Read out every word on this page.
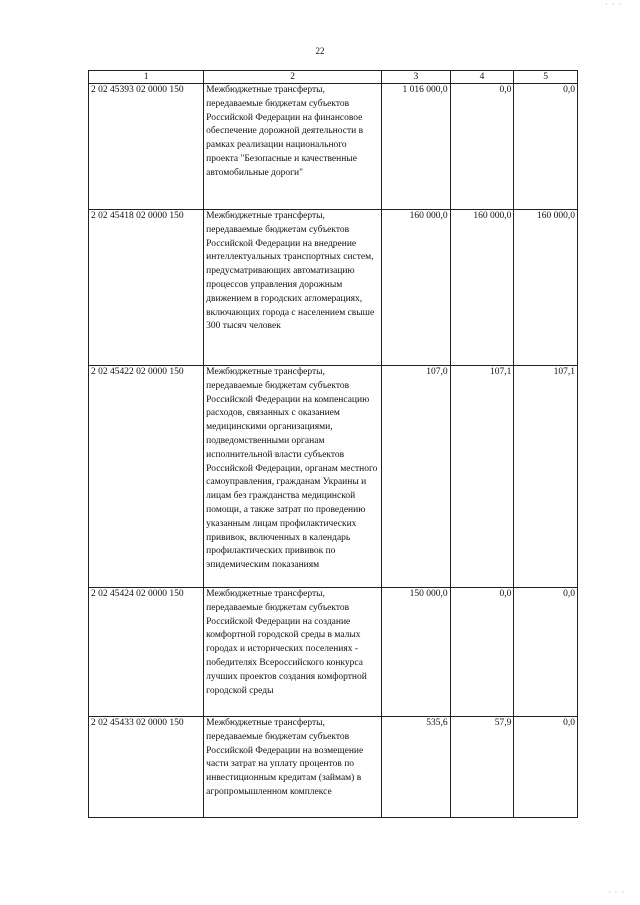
· · ·
22
1	2	3	4	5
2 02 45393 02 0000 150	Межбюджетные трансферты, передаваемые бюджетам субъектов Российской Федерации на финансовое обеспечение дорожной деятельности в рамках реализации национального проекта "Безопасные и качественные автомобильные дороги"	1 016 000,0	0,0	0,0
2 02 45418 02 0000 150	Межбюджетные трансферты, передаваемые бюджетам субъектов Российской Федерации на внедрение интеллектуальных транспортных систем, предусматривающих автоматизацию процессов управления дорожным движением в городских агломерациях, включающих города с населением свыше 300 тысяч человек	160 000,0	160 000,0	160 000,0
2 02 45422 02 0000 150	Межбюджетные трансферты, передаваемые бюджетам субъектов Российской Федерации на компенсацию расходов, связанных с оказанием медицинскими организациями, подведомственными органам исполнительной власти субъектов Российской Федерации, органам местного самоуправления, гражданам Украины и лицам без гражданства медицинской помощи, а также затрат по проведению указанным лицам профилактических прививок, включенных в календарь профилактических прививок по эпидемическим показаниям	107,0	107,1	107,1
2 02 45424 02 0000 150	Межбюджетные трансферты, передаваемые бюджетам субъектов Российской Федерации на создание комфортной городской среды в малых городах и исторических поселениях - победителях Всероссийского конкурса лучших проектов создания комфортной городской среды	150 000,0	0,0	0,0
2 02 45433 02 0000 150	Межбюджетные трансферты, передаваемые бюджетам субъектов Российской Федерации на возмещение части затрат на уплату процентов по инвестиционным кредитам (займам) в агропромышленном комплексе	535,6	57,9	0,0
· · ·
